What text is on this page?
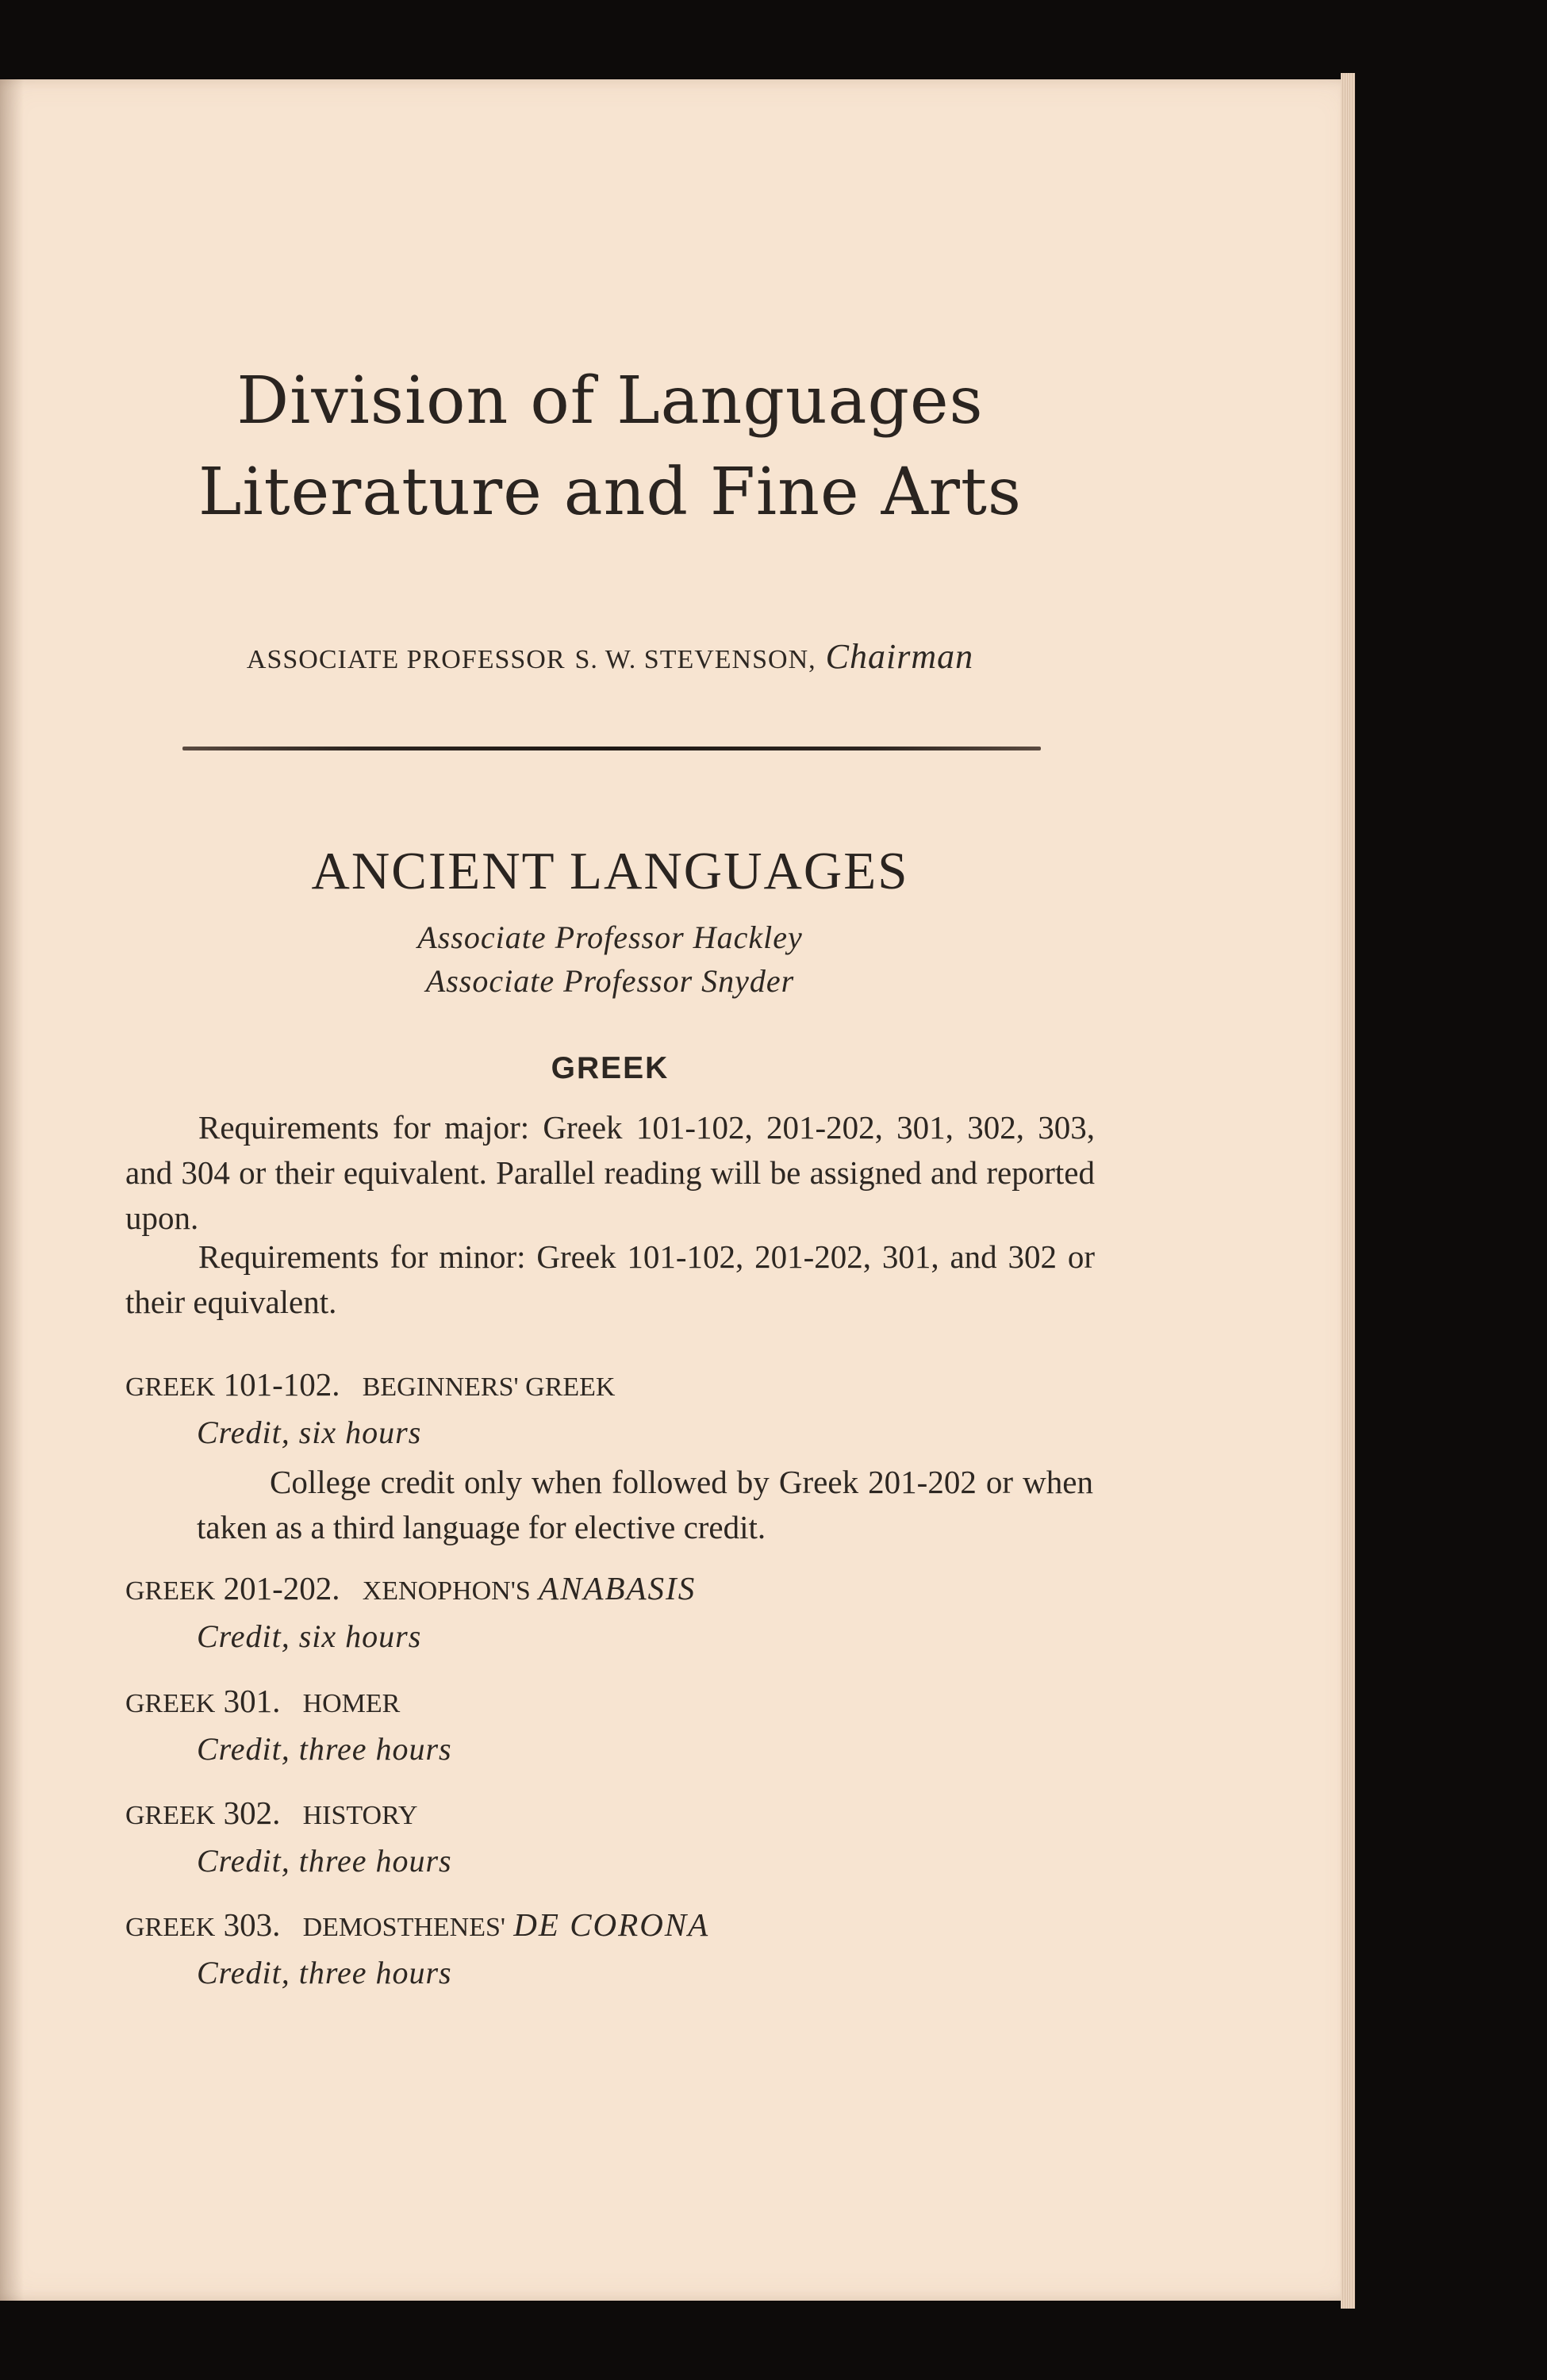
Division of Languages
Literature and Fine Arts
ASSOCIATE PROFESSOR S. W. STEVENSON, Chairman
ANCIENT LANGUAGES
Associate Professor Hackley
Associate Professor Snyder
GREEK

Requirements for major: Greek 101-102, 201-202, 301, 302, 303, and 304 or their equivalent. Parallel reading will be assigned and reported upon.

Requirements for minor: Greek 101-102, 201-202, 301, and 302 or their equivalent.

GREEK 101-102. BEGINNERS' GREEK
Credit, six hours

College credit only when followed by Greek 201-202 or when taken as a third language for elective credit.

GREEK 201-202. XENOPHON'S ANABASIS
Credit, six hours
GREEK 301. HOMER
Credit, three hours
GREEK 302. HISTORY
Credit, three hours
GREEK 303. DEMOSTHENES' DE CORONA
Credit, three hours
